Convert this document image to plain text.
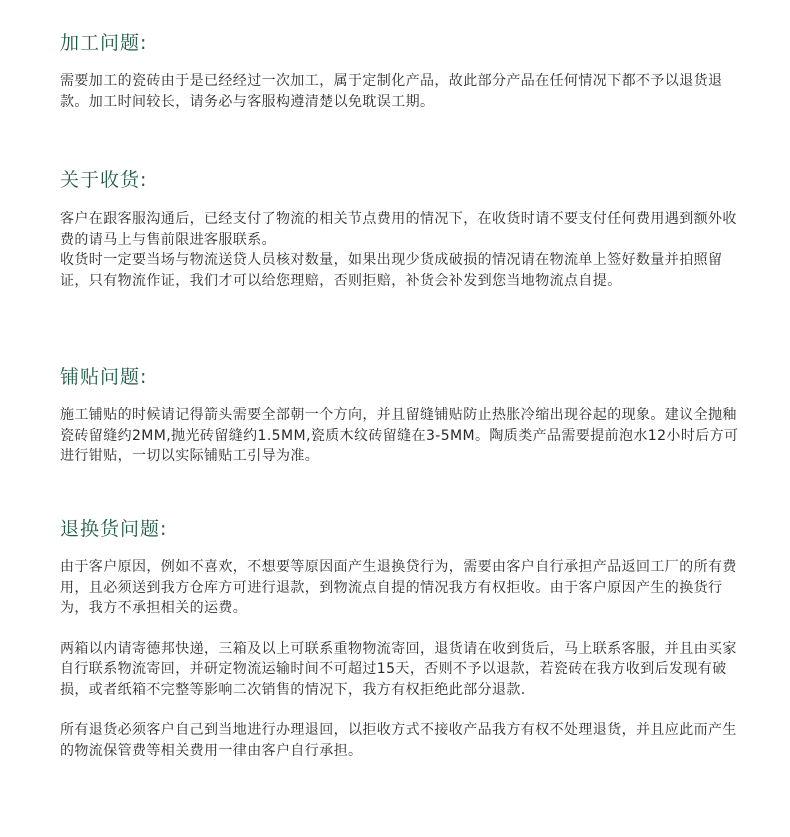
加工问题:

需要加工的瓷砖由于是已经经过一次加工，属于定制化产品，故此部分产品在任何情况下都不予以退货退款。加工时间较长，请务必与客服构遵清楚以免耽误工期。

关于收货:

客户在跟客服沟通后，已经支付了物流的相关节点费用的情况下，在收货时请不要支付任何费用遇到额外收费的请马上与售前限进客服联系。

收货时一定要当场与物流送贷人员核对数量，如果出现少货成破损的情况请在物流单上签好数量并拍照留证，只有物流作证，我们才可以给您理赔，否则拒赔，补货会补发到您当地物流点自提。

铺贴问题:

施工铺贴的时候请记得箭头需要全部朝一个方向，并且留缝铺贴防止热胀冷缩出现谷起的现象。建议全抛釉瓷砖留缝约2MM,抛光砖留缝约1.5MM,瓷质木纹砖留缝在3-5MM。陶质类产品需要提前泡水12小时后方可进行钳贴，一切以实际铺贴工引导为准。

退换货问题:

由于客户原因，例如不喜欢，不想要等原因面产生退换贷行为，需要由客户自行承担产品返回工厂的所有费用，且必须送到我方仓库方可进行退款，到物流点自提的情况我方有权拒收。由于客户原因产生的换货行为，我方不承担相关的运费。

两箱以内请寄德邦快递，三箱及以上可联系重物物流寄回，退货请在收到货后，马上联系客服，并且由买家自行联系物流寄回，并研定物流运输时间不可超过15天，否则不予以退款，若瓷砖在我方收到后发现有破损，或者纸箱不完整等影响二次销售的情况下，我方有权拒绝此部分退款.

所有退货必须客户自己到当地进行办理退回，以拒收方式不接收产品我方有权不处理退货，并且应此而产生的物流保管费等相关费用一律由客户自行承担。
